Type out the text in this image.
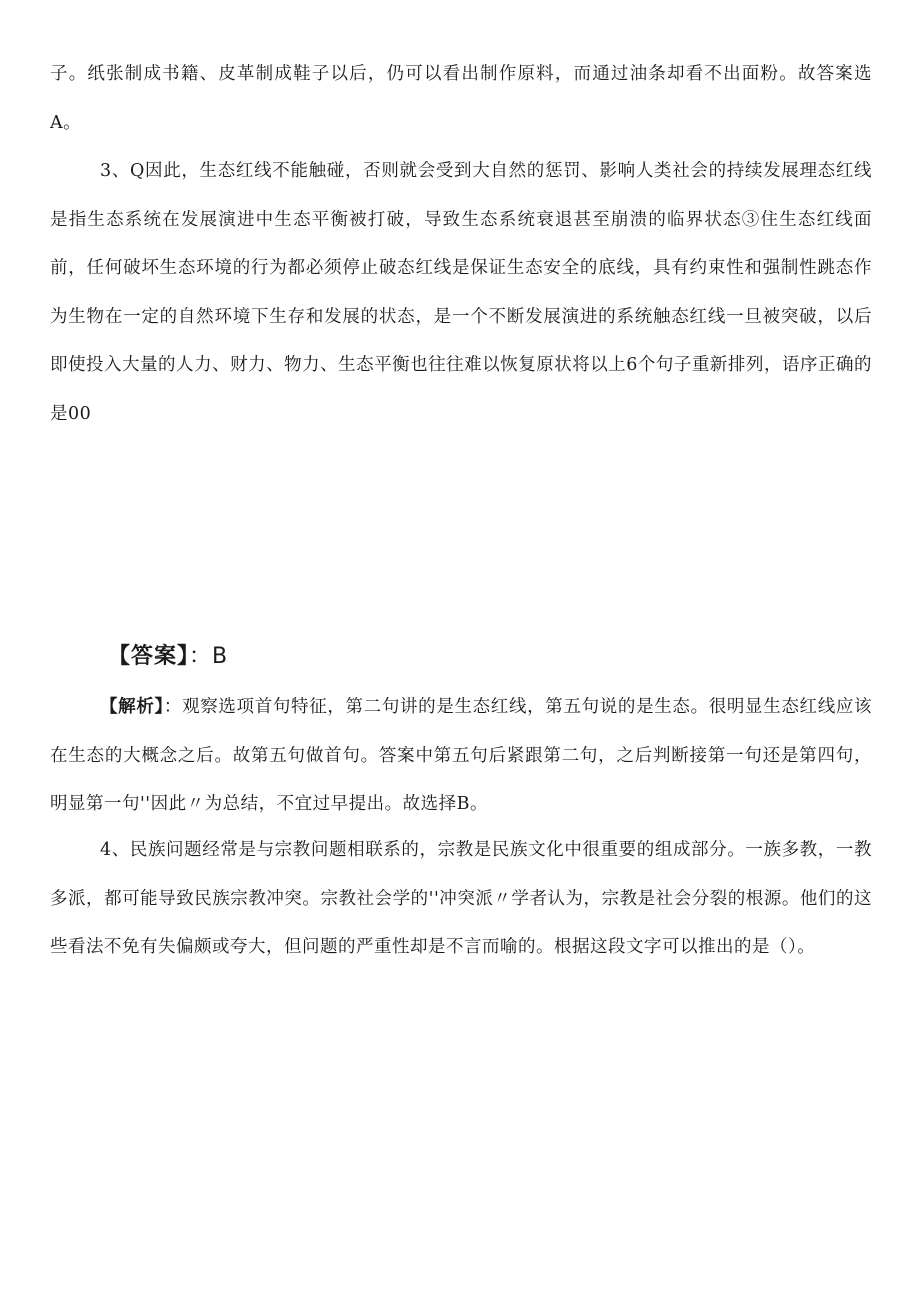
子。纸张制成书籍、皮革制成鞋子以后，仍可以看出制作原料，而通过油条却看不出面粉。故答案选A。

3、Q因此，生态红线不能触碰，否则就会受到大自然的惩罚、影响人类社会的持续发展理态红线是指生态系统在发展演进中生态平衡被打破，导致生态系统衰退甚至崩溃的临界状态③住生态红线面前，任何破坏生态环境的行为都必须停止破态红线是保证生态安全的底线，具有约束性和强制性跳态作为生物在一定的自然环境下生存和发展的状态，是一个不断发展演进的系统触态红线一旦被突破，以后即使投入大量的人力、财力、物力、生态平衡也往往难以恢复原状将以上6个句子重新排列，语序正确的是00

【答案】：B

【解析】：观察选项首句特征，第二句讲的是生态红线，第五句说的是生态。很明显生态红线应该在生态的大概念之后。故第五句做首句。答案中第五句后紧跟第二句，之后判断接第一句还是第四句，明显第一句''因此〃为总结，不宜过早提出。故选择B。

4、民族问题经常是与宗教问题相联系的，宗教是民族文化中很重要的组成部分。一族多教，一教多派，都可能导致民族宗教冲突。宗教社会学的''冲突派〃学者认为，宗教是社会分裂的根源。他们的这些看法不免有失偏颇或夸大，但问题的严重性却是不言而喻的。根据这段文字可以推出的是（）。
